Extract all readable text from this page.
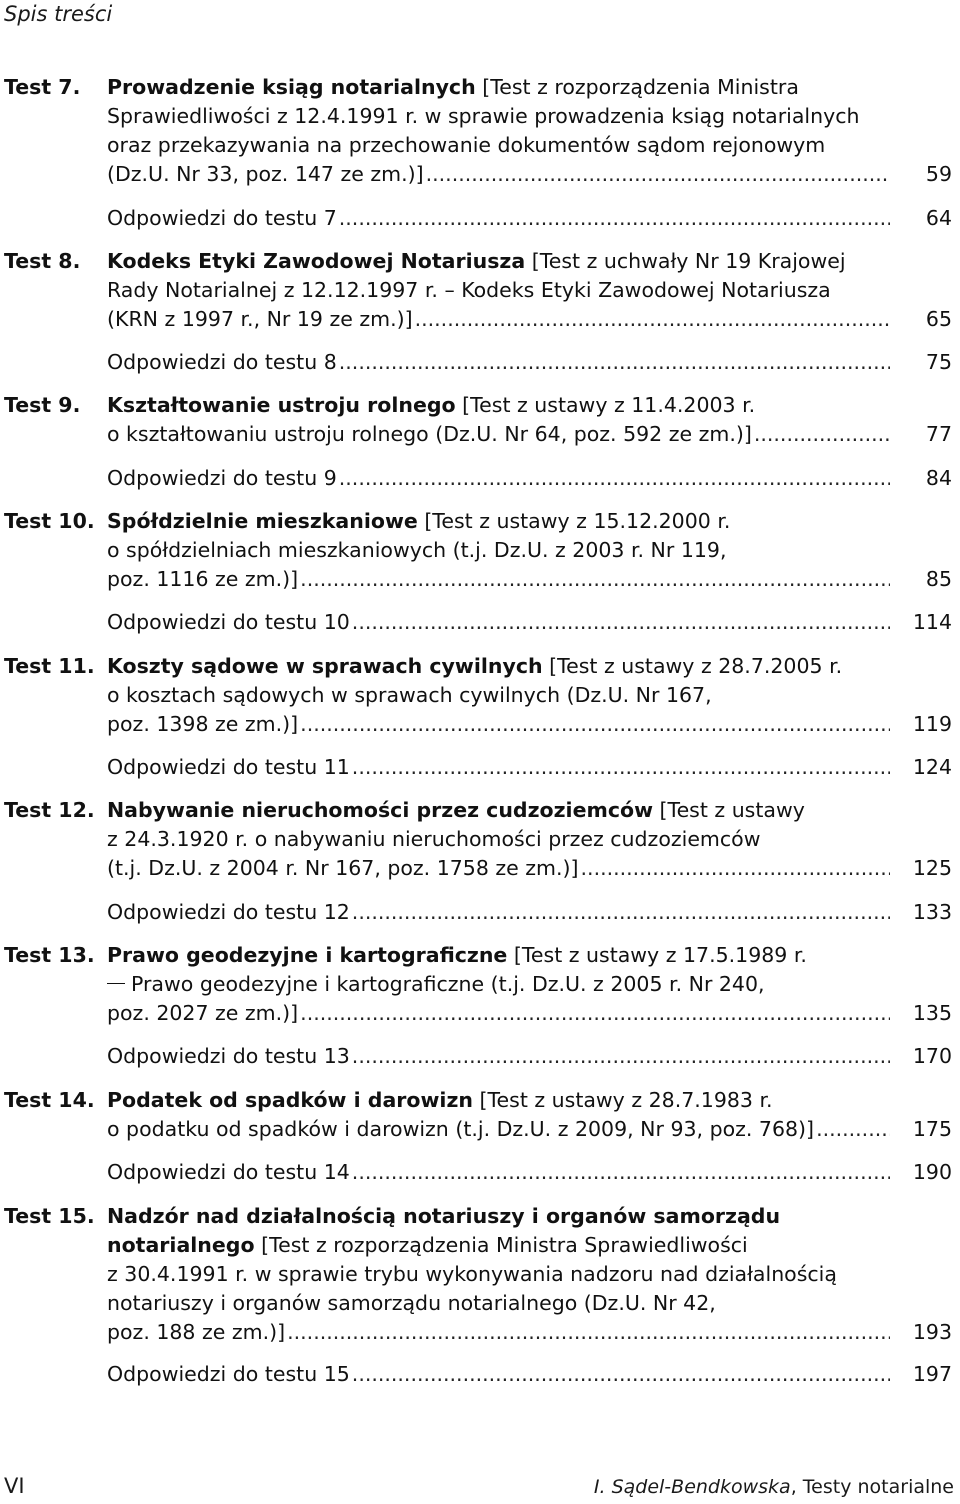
Spis treści
Test 7. Prowadzenie ksiąg notarialnych [Test z rozporządzenia Ministra
Sprawiedliwości z 12.4.1991 r. w sprawie prowadzenia ksiąg notarialnych
oraz przekazywania na przechowanie dokumentów sądom rejonowym
(Dz.U. Nr 33, poz. 147 ze zm.)] .....	59
Odpowiedzi do testu 7 .....	64
Test 8. Kodeks Etyki Zawodowej Notariusza [Test z uchwały Nr 19 Krajowej
Rady Notarialnej z 12.12.1997 r. – Kodeks Etyki Zawodowej Notariusza
(KRN z 1997 r., Nr 19 ze zm.)] .....	65
Odpowiedzi do testu 8 .....	75
Test 9. Kształtowanie ustroju rolnego [Test z ustawy z 11.4.2003 r.
o kształtowaniu ustroju rolnego (Dz.U. Nr 64, poz. 592 ze zm.)] .....	77
Odpowiedzi do testu 9 .....	84
Test 10. Spółdzielnie mieszkaniowe [Test z ustawy z 15.12.2000 r.
o spółdzielniach mieszkaniowych (t.j. Dz.U. z 2003 r. Nr 119,
poz. 1116 ze zm.)] .....	85
Odpowiedzi do testu 10 .....	114
Test 11. Koszty sądowe w sprawach cywilnych [Test z ustawy z 28.7.2005 r.
o kosztach sądowych w sprawach cywilnych (Dz.U. Nr 167,
poz. 1398 ze zm.)] .....	119
Odpowiedzi do testu 11 .....	124
Test 12. Nabywanie nieruchomości przez cudzoziemców [Test z ustawy
z 24.3.1920 r. o nabywaniu nieruchomości przez cudzoziemców
(t.j. Dz.U. z 2004 r. Nr 167, poz. 1758 ze zm.)] .....	125
Odpowiedzi do testu 12 .....	133
Test 13. Prawo geodezyjne i kartograficzne [Test z ustawy z 17.5.1989 r.
Prawo geodezyjne i kartograficzne (t.j. Dz.U. z 2005 r. Nr 240,
poz. 2027 ze zm.)] .....	135
Odpowiedzi do testu 13 .....	170
Test 14. Podatek od spadków i darowizn [Test z ustawy z 28.7.1983 r.
o podatku od spadków i darowizn (t.j. Dz.U. z 2009, Nr 93, poz. 768)] .....	175
Odpowiedzi do testu 14 .....	190
Test 15. Nadzór nad działalnością notariuszy i organów samorządu
notarialnego [Test z rozporządzenia Ministra Sprawiedliwości
z 30.4.1991 r. w sprawie trybu wykonywania nadzoru nad działalnością
notariuszy i organów samorządu notarialnego (Dz.U. Nr 42,
poz. 188 ze zm.)] .....	193
Odpowiedzi do testu 15 .....	197
VI	I. Sądel-Bendkowska, Testy notarialne
